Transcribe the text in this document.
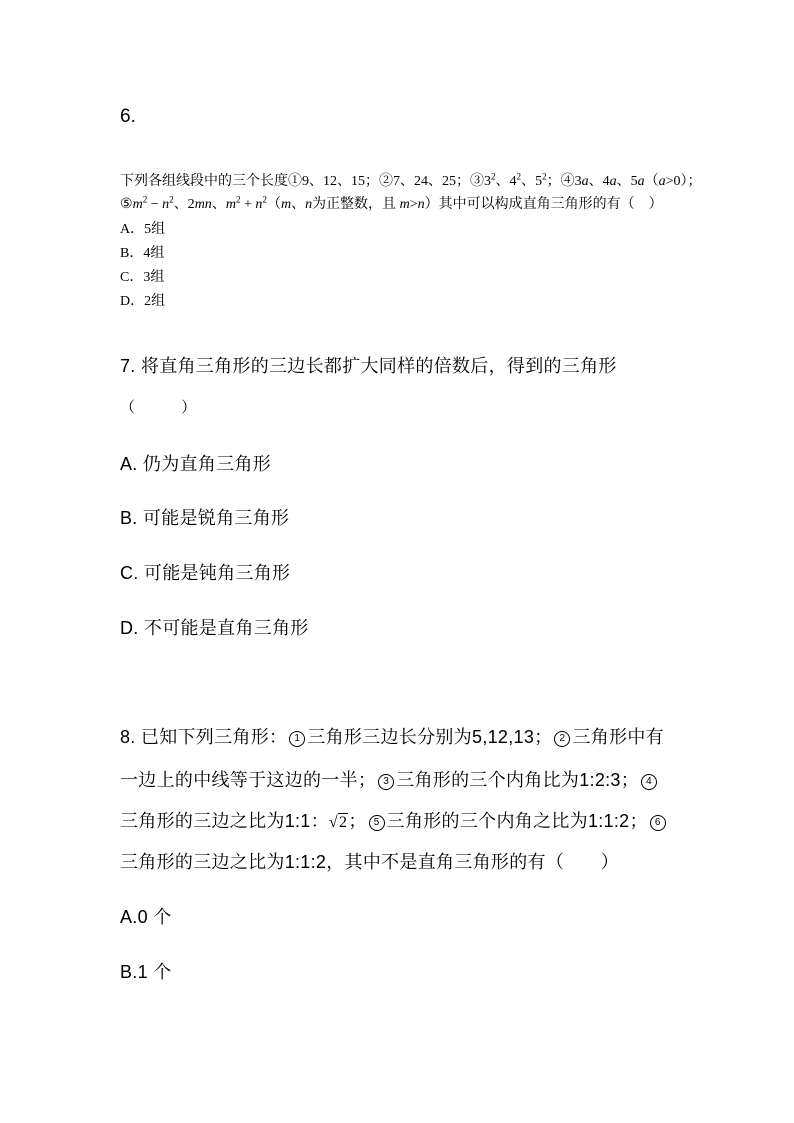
6.
下列各组线段中的三个长度①9、12、15；②7、24、25；$③3^2$、$4^2$、$5^2$；④3a、4a、5a（a>0）；
$⑤m^2 - n^2$、2mn、$m^2 + n^2(m$、n为正整数，且 m>n）其中可以构成直角三角形的有（　）
A．5组
B．4组
C．3组
D．2组
7. 将直角三角形的三边长都扩大同样的倍数后，得到的三角形
（　　　）
A. 仍为直角三角形
B. 可能是锐角三角形
C. 可能是钝角三角形
D. 不可能是直角三角形
8. 已知下列三角形： 1 三角形三边长分别为5,12,13； 2 三角形中有
一边上的中线等于这边的一半； 3 三角形的三个内角比为1:2:3； 4
三角形的三边之比为1:1：√2； 5 三角形的三个内角之比为1:1:2； 6
三角形的三边之比为1:1:2，其中不是直角三角形的有（　　）
A.0 个
B.1 个
